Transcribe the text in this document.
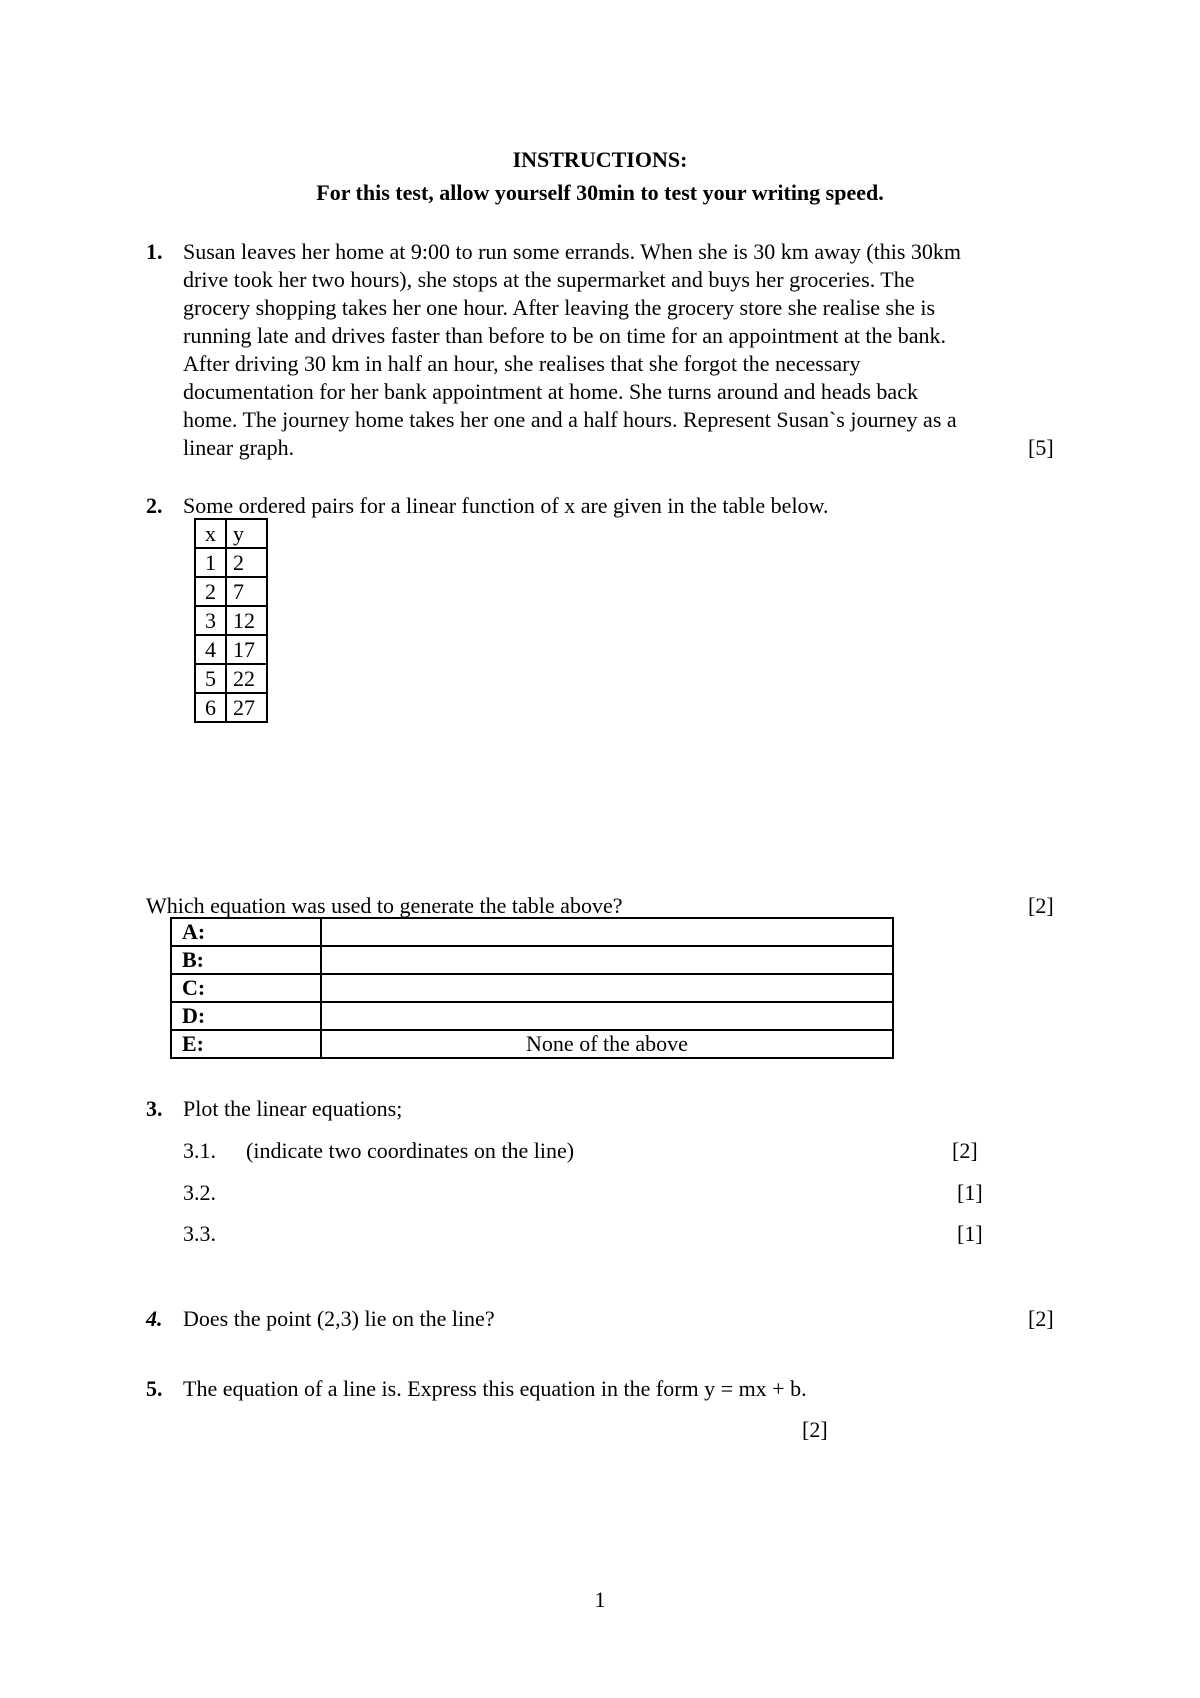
INSTRUCTIONS:
For this test, allow yourself 30min to test your writing speed.
1. Susan leaves her home at 9:00 to run some errands. When she is 30 km away (this 30km
drive took her two hours), she stops at the supermarket and buys her groceries. The
grocery shopping takes her one hour. After leaving the grocery store she realise she is
running late and drives faster than before to be on time for an appointment at the bank.
After driving 30 km in half an hour, she realises that she forgot the necessary
documentation for her bank appointment at home. She turns around and heads back
home. The journey home takes her one and a half hours. Represent Susan`s journey as a
linear graph.	[5]
2. Some ordered pairs for a linear function of x are given in the table below.
x	y
1	2
2	7
3	12
4	17
5	22
6	27
Which equation was used to generate the table above?	[2]
A:	
B:	
C:	
D:	
E:	None of the above
3. Plot the linear equations;
3.1. (indicate two coordinates on the line)	[2]
3.2.	[1]
3.3.	[1]
4. Does the point (2,3) lie on the line?	[2]
5. The equation of a line is. Express this equation in the form y = mx + b.
[2]
1
